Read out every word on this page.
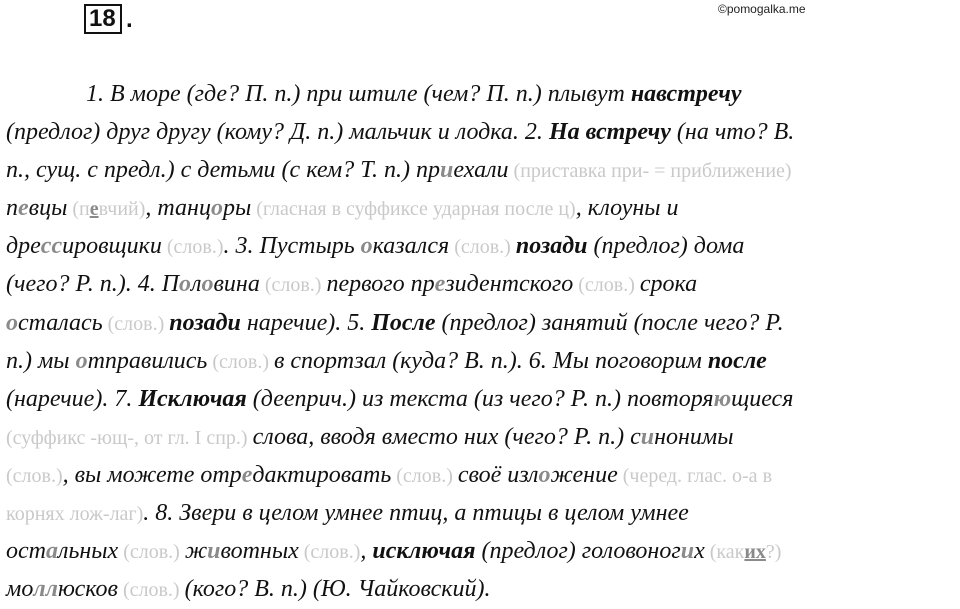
18 .	©pomogalka.me
1. В море (где? П. п.) при штиле (чем? П. п.) плывут навстречу
(предлог) друг другу (кому? Д. п.) мальчик и лодка. 2. На встречу (на что? В.
п., сущ. с предл.) с детьми (с кем? Т. п.) приехали (приставка при- = приближение)
певцы (певчий), танцоры (гласная в суффиксе ударная после ц), клоуны и
дрессировщики (слов.). 3. Пустырь оказался (слов.) позади (предлог) дома
(чего? Р. п.). 4. Половина (слов.) первого президентского (слов.) срока
осталась (слов.) позади наречие). 5. После (предлог) занятий (после чего? Р.
п.) мы отправились (слов.) в спортзал (куда? В. п.). 6. Мы поговорим после
(наречие). 7. Исключая (дееприч.) из текста (из чего? Р. п.) повторяющиеся
(суффикс -ющ-, от гл. I спр.) слова, вводя вместо них (чего? Р. п.) синонимы
(слов.), вы можете отредактировать (слов.) своё изложение (черед. глас. о-а в
корнях лож-лаг). 8. Звери в целом умнее птиц, а птицы в целом умнее
остальных (слов.) животных (слов.), исключая (предлог) головоногих (каких?)
моллюсков (слов.) (кого? В. п.) (Ю. Чайковский).
